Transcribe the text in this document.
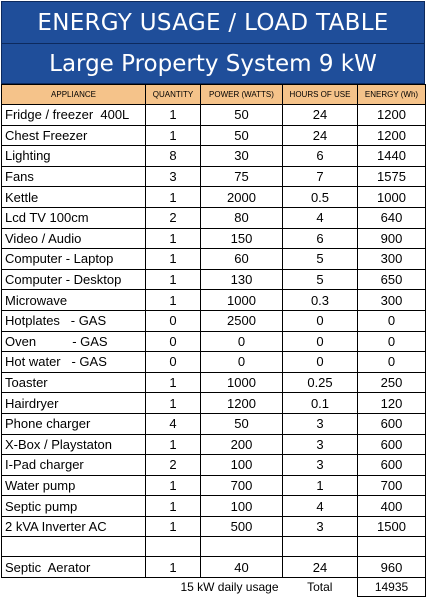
ENERGY USAGE / LOAD TABLE
Large Property System 9 kW
APPLIANCE	QUANTITY	POWER (WATTS)	HOURS OF USE	ENERGY (Wh)
Fridge / freezer  400L	1	50	24	1200
Chest Freezer	1	50	24	1200
Lighting	8	30	6	1440
Fans	3	75	7	1575
Kettle	1	2000	0.5	1000
Lcd TV 100cm	2	80	4	640
Video / Audio	1	150	6	900
Computer - Laptop	1	60	5	300
Computer - Desktop	1	130	5	650
Microwave	1	1000	0.3	300
Hotplates   - GAS	0	2500	0	0
Oven          - GAS	0	0	0	0
Hot water   - GAS	0	0	0	0
Toaster	1	1000	0.25	250
Hairdryer	1	1200	0.1	120
Phone charger	4	50	3	600
X-Box / Playstaton	1	200	3	600
I-Pad charger	2	100	3	600
Water pump	1	700	1	700
Septic pump	1	100	4	400
2 kVA Inverter AC	1	500	3	1500

Septic  Aerator	1	40	24	960
15 kW daily usage			Total	14935
